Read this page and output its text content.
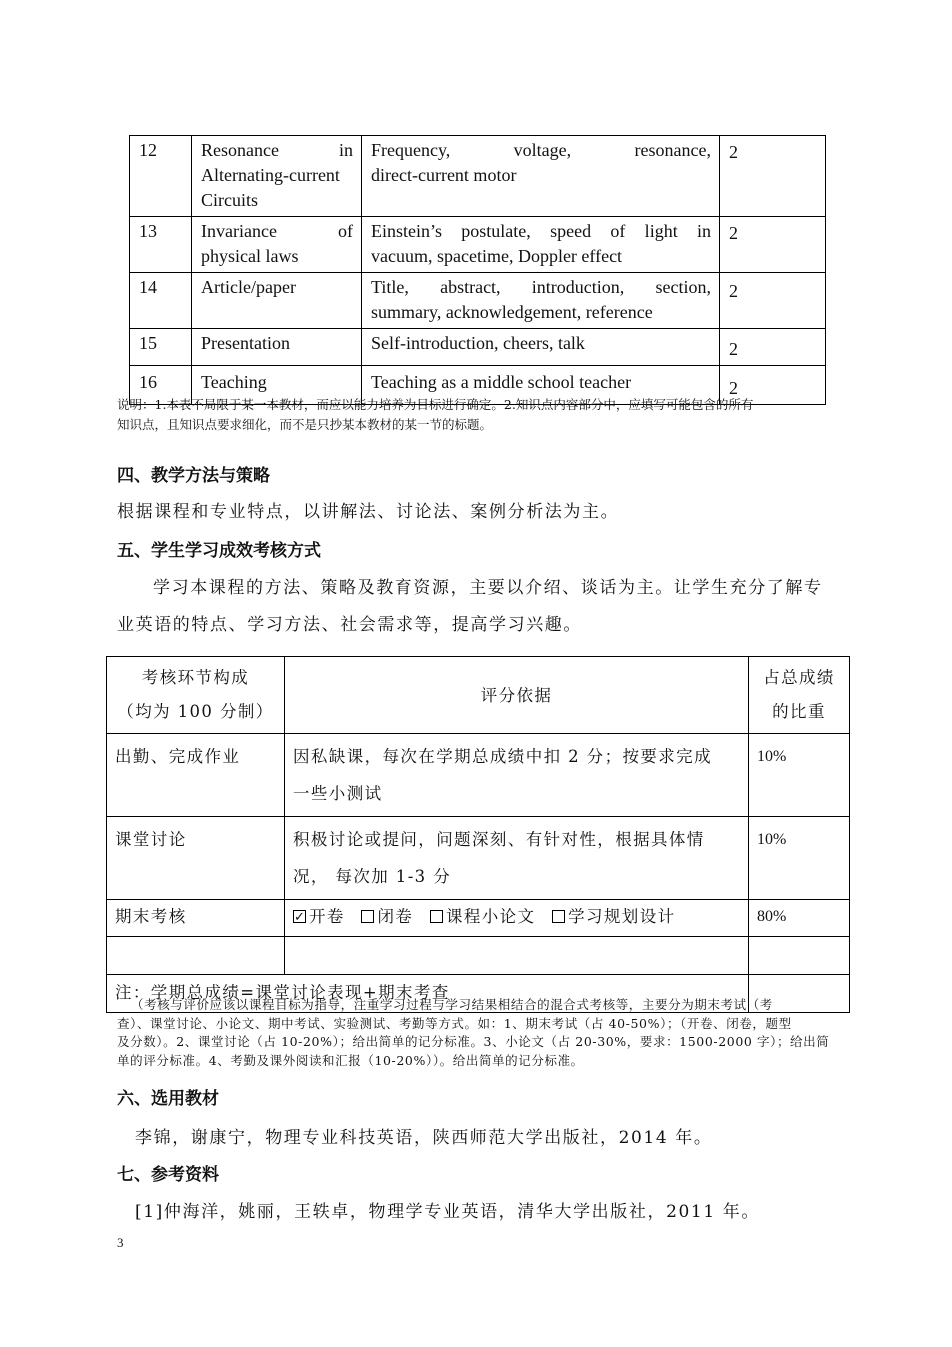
12	Resonance in

Alternating-current
Circuits	Frequency, voltage, resonance,

direct-current motor	2
13	Invariance of

physical laws	Einstein’s postulate, speed of light in

vacuum, spacetime, Doppler effect	2
14	Article/paper	Title, abstract, introduction, section,

summary, acknowledgement, reference	2
15	Presentation	Self-introduction, cheers, talk	2
16	Teaching	Teaching as a middle school teacher	2
说明：1.本表不局限于某一本教材，而应以能力培养为目标进行确定。2.知识点内容部分中，应填写可能包含的所有
知识点，且知识点要求细化，而不是只抄某本教材的某一节的标题。
四、教学方法与策略
根据课程和专业特点，以讲解法、讨论法、案例分析法为主。
五、学生学习成效考核方式
学习本课程的方法、策略及教育资源，主要以介绍、谈话为主。让学生充分了解专
业英语的特点、学习方法、社会需求等，提高学习兴趣。
考核环节构成
（均为 100 分制）	评分依据	占总成绩
的比重
出勤、完成作业	因私缺课，每次在学期总成绩中扣 2 分；按要求完成
一些小测试	10%
课堂讨论	积极讨论或提问，问题深刻、有针对性，根据具体情
况， 每次加 1-3 分	10%
期末考核	✓开卷 闭卷 课程小论文 学习规划设计	80%

注：学期总成绩=课堂讨论表现+期末考查		
（考核与评价应该以课程目标为指导，注重学习过程与学习结果相结合的混合式考核等，主要分为期末考试（考
查）、课堂讨论、小论文、期中考试、实验测试、考勤等方式。如：1、期末考试（占 40-50%）；（开卷、闭卷，题型
及分数）。2、课堂讨论（占 10-20%）；给出简单的记分标准。3、小论文（占 20-30%，要求：1500-2000 字）；给出简
单的评分标准。4、考勤及课外阅读和汇报（10-20%））。给出简单的记分标准。
六、选用教材
李锦，谢康宁，物理专业科技英语，陕西师范大学出版社，2014 年。
七、参考资料
[1]仲海洋，姚丽，王轶卓，物理学专业英语，清华大学出版社，2011 年。
3
